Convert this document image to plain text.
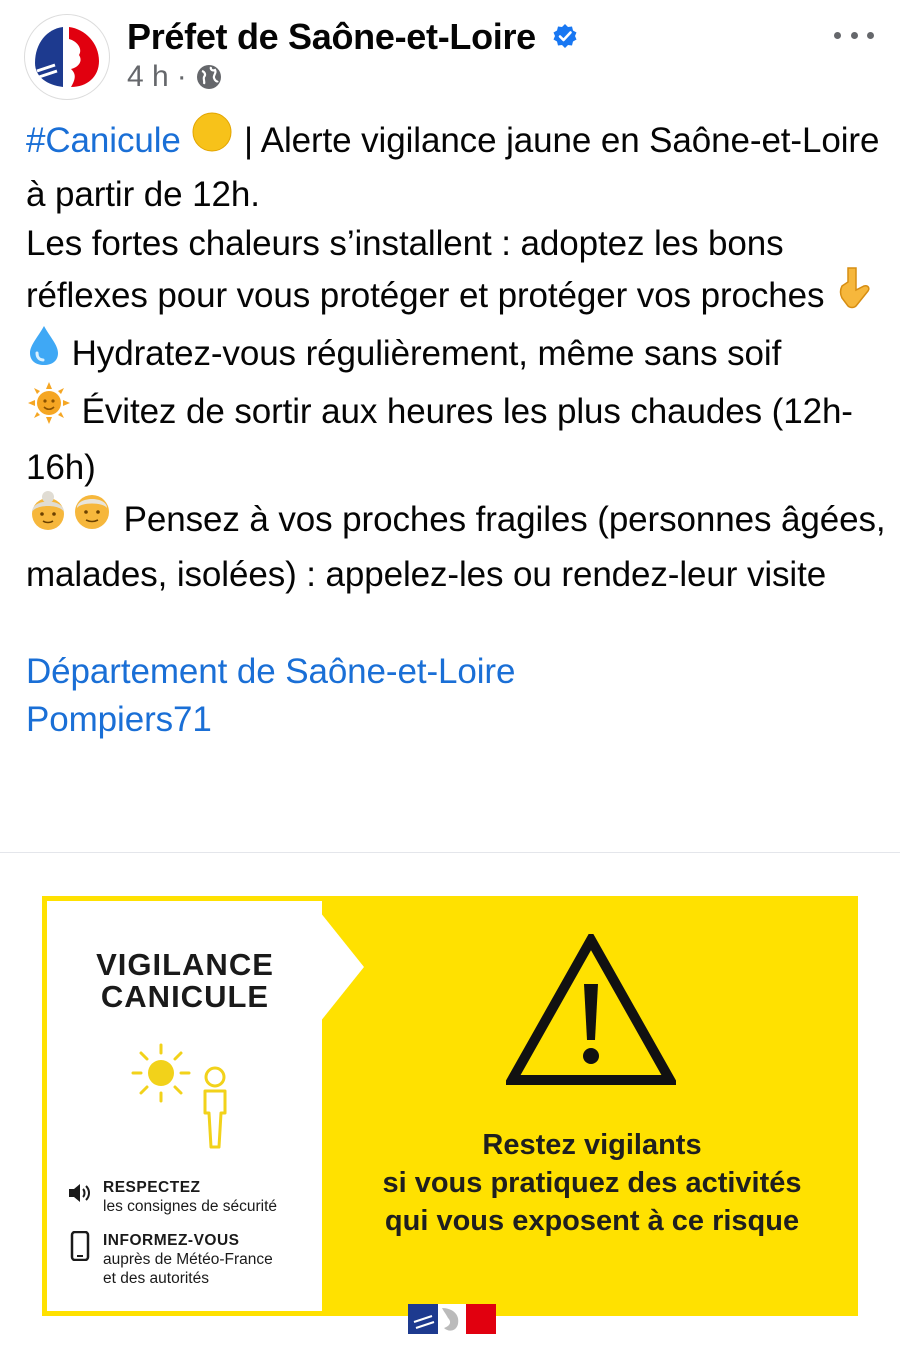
Préfet de Saône-et-Loire
4 h ·

#Canicule  | Alerte vigilance jaune en Saône-et-Loire à partir de 12h.

Les fortes chaleurs s’installent : adoptez les bons réflexes pour vous protéger et protéger vos proches

Hydratez-vous régulièrement, même sans soif

Évitez de sortir aux heures les plus chaudes (12h-16h)

Pensez à vos proches fragiles (personnes âgées, malades, isolées) : appelez-les ou rendez-leur visite

Département de Saône-et-Loire

Pompiers71

VIGILANCE
CANICULE
RESPECTEZ
les consignes de sécurité
INFORMEZ-VOUS
auprès de Météo-France
et des autorités
Restez vigilants
si vous pratiquez des activités
qui vous exposent à ce risque
